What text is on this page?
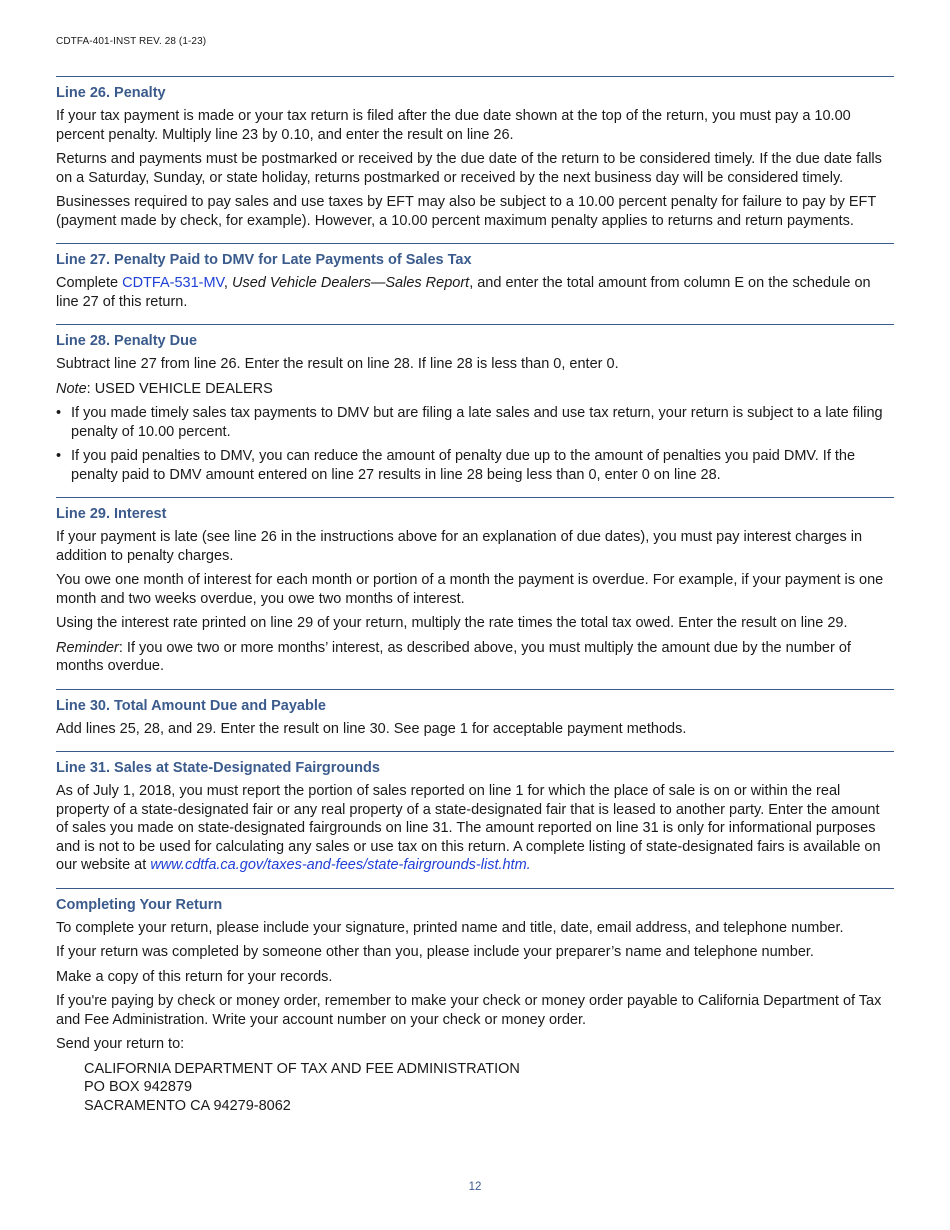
CDTFA-401-INST REV. 28 (1-23)
Line 26. Penalty

If your tax payment is made or your tax return is filed after the due date shown at the top of the return, you must pay a 10.00 percent penalty. Multiply line 23 by 0.10, and enter the result on line 26.

Returns and payments must be postmarked or received by the due date of the return to be considered timely. If the due date falls on a Saturday, Sunday, or state holiday, returns postmarked or received by the next business day will be considered timely.

Businesses required to pay sales and use taxes by EFT may also be subject to a 10.00 percent penalty for failure to pay by EFT (payment made by check, for example). However, a 10.00 percent maximum penalty applies to returns and return payments.

Line 27. Penalty Paid to DMV for Late Payments of Sales Tax

Complete CDTFA-531-MV, Used Vehicle Dealers—Sales Report, and enter the total amount from column E on the schedule on line 27 of this return.

Line 28. Penalty Due

Subtract line 27 from line 26. Enter the result on line 28. If line 28 is less than 0, enter 0.

Note: USED VEHICLE DEALERS

• If you made timely sales tax payments to DMV but are filing a late sales and use tax return, your return is subject to a late filing penalty of 10.00 percent.
• If you paid penalties to DMV, you can reduce the amount of penalty due up to the amount of penalties you paid DMV. If the penalty paid to DMV amount entered on line 27 results in line 28 being less than 0, enter 0 on line 28.
Line 29. Interest

If your payment is late (see line 26 in the instructions above for an explanation of due dates), you must pay interest charges in addition to penalty charges.

You owe one month of interest for each month or portion of a month the payment is overdue. For example, if your payment is one month and two weeks overdue, you owe two months of interest.

Using the interest rate printed on line 29 of your return, multiply the rate times the total tax owed. Enter the result on line 29.

Reminder: If you owe two or more months’ interest, as described above, you must multiply the amount due by the number of months overdue.

Line 30. Total Amount Due and Payable

Add lines 25, 28, and 29. Enter the result on line 30. See page 1 for acceptable payment methods.

Line 31. Sales at State-Designated Fairgrounds

As of July 1, 2018, you must report the portion of sales reported on line 1 for which the place of sale is on or within the real property of a state-designated fair or any real property of a state-designated fair that is leased to another party. Enter the amount of sales you made on state-designated fairgrounds on line 31. The amount reported on line 31 is only for informational purposes and is not to be used for calculating any sales or use tax on this return. A complete listing of state-designated fairs is available on our website at www.cdtfa.ca.gov/taxes-and-fees/state-fairgrounds-list.htm.

Completing Your Return

To complete your return, please include your signature, printed name and title, date, email address, and telephone number.

If your return was completed by someone other than you, please include your preparer’s name and telephone number.

Make a copy of this return for your records.

If you're paying by check or money order, remember to make your check or money order payable to California Department of Tax and Fee Administration. Write your account number on your check or money order.

Send your return to:

CALIFORNIA DEPARTMENT OF TAX AND FEE ADMINISTRATION
PO BOX 942879
SACRAMENTO CA 94279-8062
12
